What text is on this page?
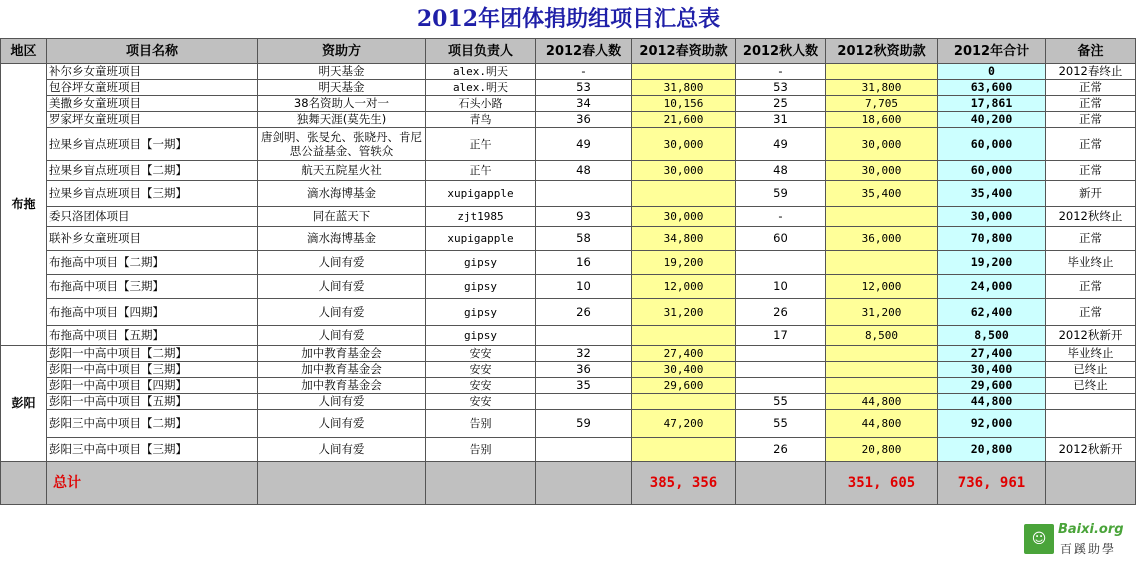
2012年团体捐助组项目汇总表
地区	项目名称	资助方	项目负责人	2012春人数	2012春资助款	2012秋人数	2012秋资助款	2012年合计	备注
布拖	补尔乡女童班项目	明天基金	alex.明天	-		-		0	2012春终止
	包谷坪女童班项目	明天基金	alex.明天	53	31,800	53	31,800	63,600	正常
	美撒乡女童班项目	38名资助人一对一	石头小路	34	10,156	25	7,705	17,861	正常
	罗家坪女童班项目	独舞天涯(莫先生)	青鸟	36	21,600	31	18,600	40,200	正常
	拉果乡盲点班项目【一期】	唐剑明、张旻允、张晓丹、肯尼思公益基金、管轶众	正午	49	30,000	49	30,000	60,000	正常
	拉果乡盲点班项目【二期】	航天五院星火社	正午	48	30,000	48	30,000	60,000	正常
	拉果乡盲点班项目【三期】	滴水海博基金	xupigapple			59	35,400	35,400	新开
	委只洛团体项目	同在蓝天下	zjt1985	93	30,000	-		30,000	2012秋终止
	联补乡女童班项目	滴水海博基金	xupigapple	58	34,800	60	36,000	70,800	正常
	布拖高中项目【二期】	人间有爱	gipsy	16	19,200			19,200	毕业终止
	布拖高中项目【三期】	人间有爱	gipsy	10	12,000	10	12,000	24,000	正常
	布拖高中项目【四期】	人间有爱	gipsy	26	31,200	26	31,200	62,400	正常
	布拖高中项目【五期】	人间有爱	gipsy			17	8,500	8,500	2012秋新开
彭阳	彭阳一中高中项目【二期】	加中教育基金会	安安	32	27,400			27,400	毕业终止
	彭阳一中高中项目【三期】	加中教育基金会	安安	36	30,400			30,400	已终止
	彭阳一中高中项目【四期】	加中教育基金会	安安	35	29,600			29,600	已终止
	彭阳一中高中项目【五期】	人间有爱	安安			55	44,800	44,800	
	彭阳三中高中项目【二期】	人间有爱	告别	59	47,200	55	44,800	92,000	
	彭阳三中高中项目【三期】	人间有爱	告别			26	20,800	20,800	2012秋新开
	总计				385, 356		351, 605	736, 961	
☺
Baixi.org
百蹊助學
